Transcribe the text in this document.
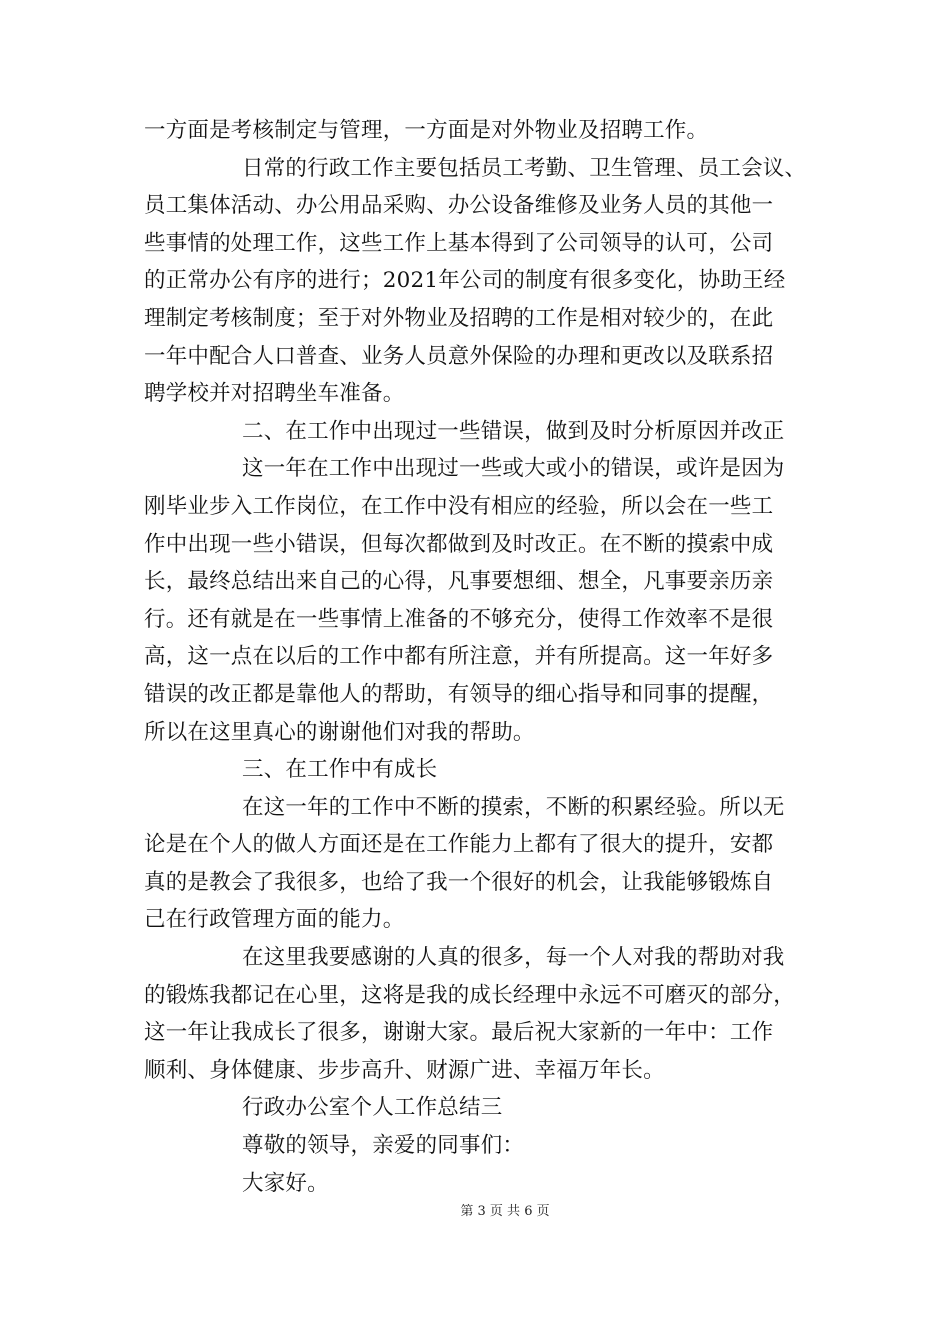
一方面是考核制定与管理，一方面是对外物业及招聘工作。
日常的行政工作主要包括员工考勤、卫生管理、员工会议、
员工集体活动、办公用品采购、办公设备维修及业务人员的其他一
些事情的处理工作，这些工作上基本得到了公司领导的认可，公司
的正常办公有序的进行；2021年公司的制度有很多变化，协助王经
理制定考核制度；至于对外物业及招聘的工作是相对较少的，在此
一年中配合人口普查、业务人员意外保险的办理和更改以及联系招
聘学校并对招聘坐车准备。
二、在工作中出现过一些错误，做到及时分析原因并改正
这一年在工作中出现过一些或大或小的错误，或许是因为
刚毕业步入工作岗位，在工作中没有相应的经验，所以会在一些工
作中出现一些小错误，但每次都做到及时改正。在不断的摸索中成
长，最终总结出来自己的心得，凡事要想细、想全，凡事要亲历亲
行。还有就是在一些事情上准备的不够充分，使得工作效率不是很
高，这一点在以后的工作中都有所注意，并有所提高。这一年好多
错误的改正都是靠他人的帮助，有领导的细心指导和同事的提醒，
所以在这里真心的谢谢他们对我的帮助。
三、在工作中有成长
在这一年的工作中不断的摸索，不断的积累经验。所以无
论是在个人的做人方面还是在工作能力上都有了很大的提升，安都
真的是教会了我很多，也给了我一个很好的机会，让我能够锻炼自
己在行政管理方面的能力。
在这里我要感谢的人真的很多，每一个人对我的帮助对我
的锻炼我都记在心里，这将是我的成长经理中永远不可磨灭的部分，
这一年让我成长了很多，谢谢大家。最后祝大家新的一年中：工作
顺利、身体健康、步步高升、财源广进、幸福万年长。
行政办公室个人工作总结三
尊敬的领导，亲爱的同事们：
大家好。
第 3 页 共 6 页
